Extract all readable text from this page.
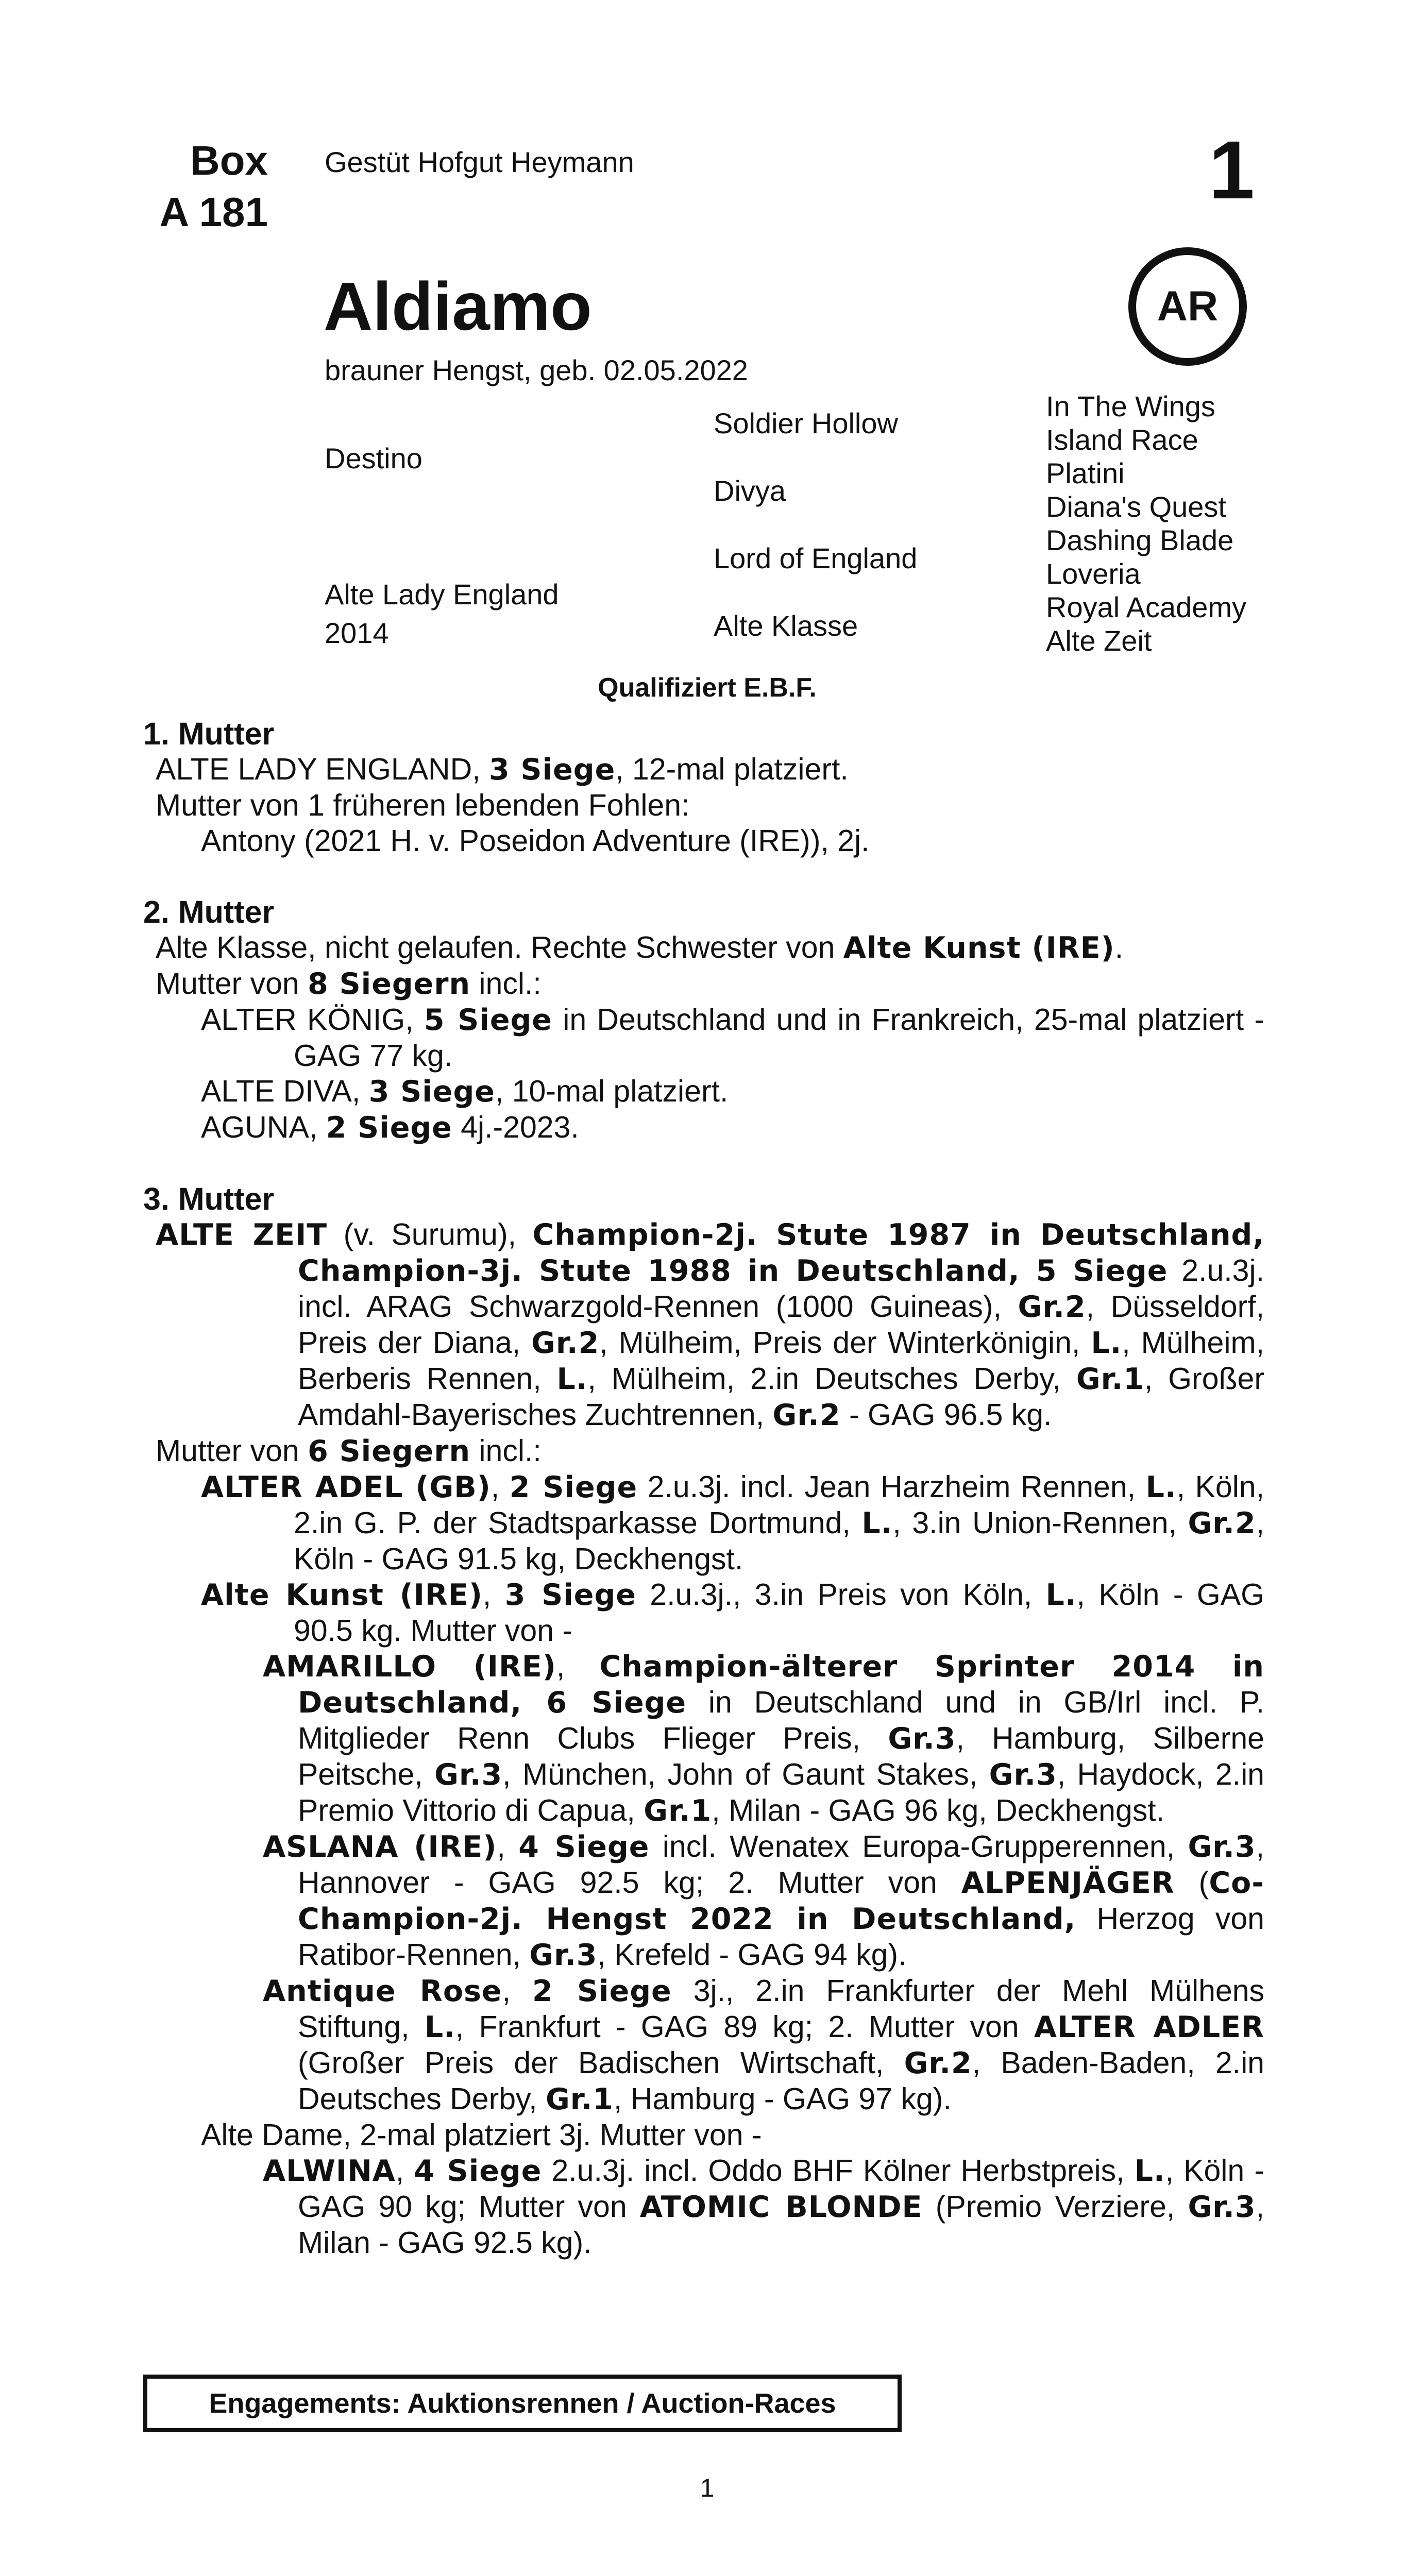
Box
A 181
Gestüt Hofgut Heymann	1
Aldiamo	AR
brauner Hengst, geb. 02.05.2022
Destino
Alte Lady England
2014
Soldier Hollow
Divya
Lord of England
Alte Klasse
In The Wings
Island Race
Platini
Diana's Quest
Dashing Blade
Loveria
Royal Academy
Alte Zeit
Qualifiziert E.B.F.
1. Mutter
ALTE LADY ENGLAND, 3 Siege, 12-mal platziert.
Mutter von 1 früheren lebenden Fohlen:
Antony (2021 H. v. Poseidon Adventure (IRE)), 2j.
2. Mutter
Alte Klasse, nicht gelaufen. Rechte Schwester von Alte Kunst (IRE).
Mutter von 8 Siegern incl.:
ALTER KÖNIG, 5 Siege in Deutschland und in Frankreich, 25-mal platziert - GAG 77 kg.
ALTE DIVA, 3 Siege, 10-mal platziert.
AGUNA, 2 Siege 4j.-2023.
3. Mutter
ALTE ZEIT (v. Surumu), Champion-2j. Stute 1987 in Deutschland, Champion-3j. Stute 1988 in Deutschland, 5 Siege 2.u.3j. incl. ARAG Schwarzgold-Rennen (1000 Guineas), Gr.2, Düsseldorf, Preis der Diana, Gr.2, Mülheim, Preis der Winterkönigin, L., Mülheim, Berberis Rennen, L., Mülheim, 2.in Deutsches Derby, Gr.1, Großer Amdahl-Bayerisches Zuchtrennen, Gr.2 - GAG 96.5 kg.
Mutter von 6 Siegern incl.:
ALTER ADEL (GB), 2 Siege 2.u.3j. incl. Jean Harzheim Rennen, L., Köln, 2.in G. P. der Stadtsparkasse Dortmund, L., 3.in Union-Rennen, Gr.2, Köln - GAG 91.5 kg, Deckhengst.
Alte Kunst (IRE), 3 Siege 2.u.3j., 3.in Preis von Köln, L., Köln - GAG 90.5 kg. Mutter von -
AMARILLO (IRE), Champion-älterer Sprinter 2014 in Deutschland, 6 Siege in Deutschland und in GB/Irl incl. P. Mitglieder Renn Clubs Flieger Preis, Gr.3, Hamburg, Silberne Peitsche, Gr.3, München, John of Gaunt Stakes, Gr.3, Haydock, 2.in Premio Vittorio di Capua, Gr.1, Milan - GAG 96 kg, Deckhengst.
ASLANA (IRE), 4 Siege incl. Wenatex Europa-Grupperennen, Gr.3, Hannover - GAG 92.5 kg; 2. Mutter von ALPENJÄGER (Co-Champion-2j. Hengst 2022 in Deutschland, Herzog von Ratibor-Rennen, Gr.3, Krefeld - GAG 94 kg).
Antique Rose, 2 Siege 3j., 2.in Frankfurter der Mehl Mülhens Stiftung, L., Frankfurt - GAG 89 kg; 2. Mutter von ALTER ADLER (Großer Preis der Badischen Wirtschaft, Gr.2, Baden-Baden, 2.in Deutsches Derby, Gr.1, Hamburg - GAG 97 kg).
Alte Dame, 2-mal platziert 3j. Mutter von -
ALWINA, 4 Siege 2.u.3j. incl. Oddo BHF Kölner Herbstpreis, L., Köln - GAG 90 kg; Mutter von ATOMIC BLONDE (Premio Verziere, Gr.3, Milan - GAG 92.5 kg).
Engagements: Auktionsrennen / Auction-Races
1
